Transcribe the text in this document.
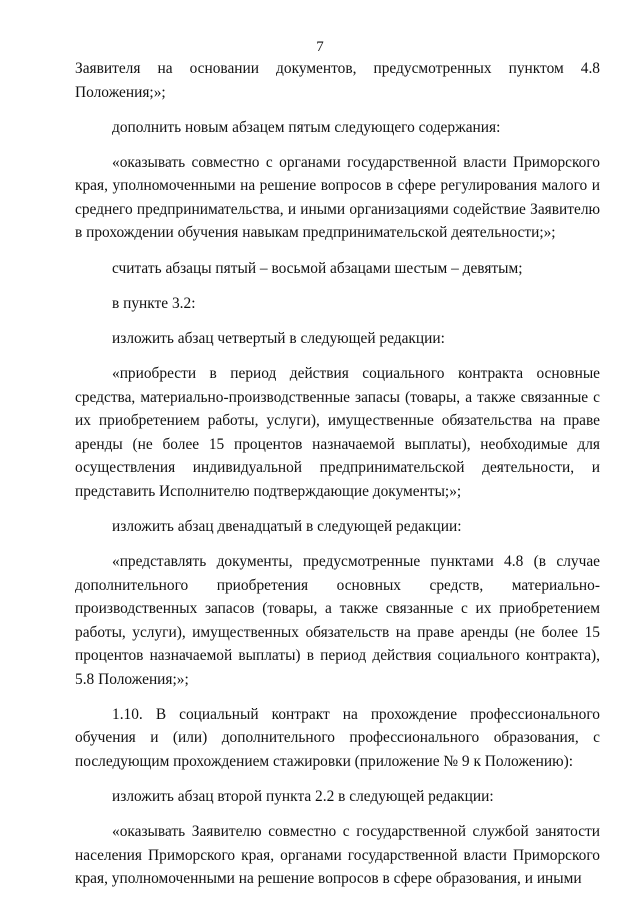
7

Заявителя на основании документов, предусмотренных пунктом 4.8 Положения;»;

дополнить новым абзацем пятым следующего содержания:

«оказывать совместно с органами государственной власти Приморского края, уполномоченными на решение вопросов в сфере регулирования малого и среднего предпринимательства, и иными организациями содействие Заявителю в прохождении обучения навыкам предпринимательской деятельности;»;

считать абзацы пятый – восьмой абзацами шестым – девятым;

в пункте 3.2:

изложить абзац четвертый в следующей редакции:

«приобрести в период действия социального контракта основные средства, материально-производственные запасы (товары, а также связанные с их приобретением работы, услуги), имущественные обязательства на праве аренды (не более 15 процентов назначаемой выплаты), необходимые для осуществления индивидуальной предпринимательской деятельности, и представить Исполнителю подтверждающие документы;»;

изложить абзац двенадцатый в следующей редакции:

«представлять документы, предусмотренные пунктами 4.8 (в случае дополнительного приобретения основных средств, материально-производственных запасов (товары, а также связанные с их приобретением работы, услуги), имущественных обязательств на праве аренды (не более 15 процентов назначаемой выплаты) в период действия социального контракта), 5.8 Положения;»;

1.10. В социальный контракт на прохождение профессионального обучения и (или) дополнительного профессионального образования, с последующим прохождением стажировки (приложение № 9 к Положению):

изложить абзац второй пункта 2.2 в следующей редакции:

«оказывать Заявителю совместно с государственной службой занятости населения Приморского края, органами государственной власти Приморского края, уполномоченными на решение вопросов в сфере образования, и иными
